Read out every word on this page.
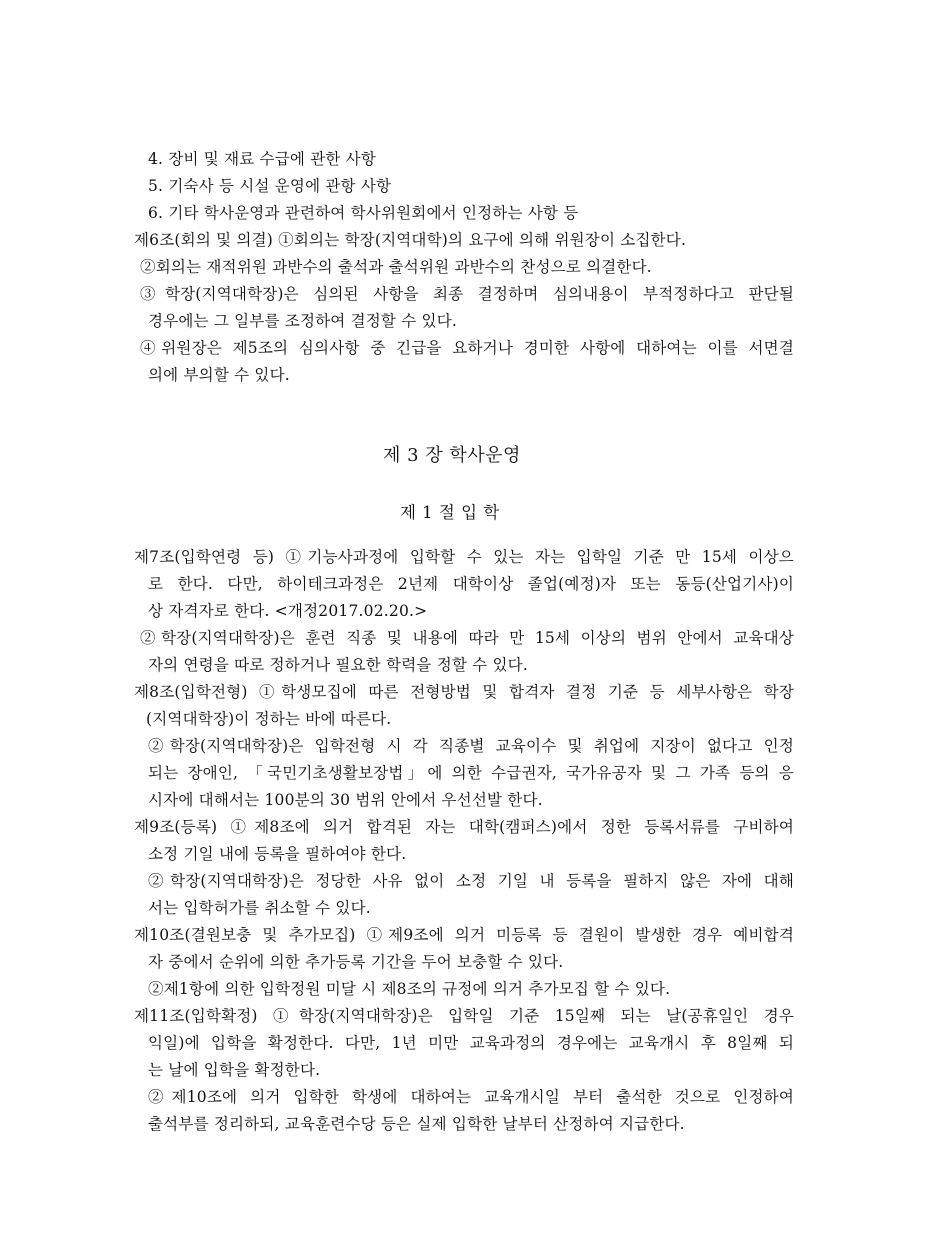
4. 장비 및 재료 수급에 관한 사항
5. 기숙사 등 시설 운영에 관항 사항
6. 기타 학사운영과 관련하여 학사위원회에서 인정하는 사항 등
제6조(회의 및 의결) ①회의는 학장(지역대학)의 요구에 의해 위원장이 소집한다.
②회의는 재적위원 과반수의 출석과 출석위원 과반수의 찬성으로 의결한다.
③학장(지역대학장)은 심의된 사항을 최종 결정하며 심의내용이 부적정하다고 판단될
경우에는 그 일부를 조정하여 결정할 수 있다.
④위원장은 제5조의 심의사항 중 긴급을 요하거나 경미한 사항에 대하여는 이를 서면결
의에 부의할 수 있다.
제 3 장 학사운영
제 1 절 입 학
제7조(입학연령 등) ①기능사과정에 입학할 수 있는 자는 입학일 기준 만 15세 이상으
로 한다. 다만, 하이테크과정은 2년제 대학이상 졸업(예정)자 또는 동등(산업기사)이
상 자격자로 한다. <개정2017.02.20.>
②학장(지역대학장)은 훈련 직종 및 내용에 따라 만 15세 이상의 범위 안에서 교육대상
자의 연령을 따로 정하거나 필요한 학력을 정할 수 있다.
제8조(입학전형) ①학생모집에 따른 전형방법 및 합격자 결정 기준 등 세부사항은 학장
(지역대학장)이 정하는 바에 따른다.
②학장(지역대학장)은 입학전형 시 각 직종별 교육이수 및 취업에 지장이 없다고 인정
되는 장애인, 「국민기초생활보장법」에 의한 수급권자, 국가유공자 및 그 가족 등의 응
시자에 대해서는 100분의 30 범위 안에서 우선선발 한다.
제9조(등록) ①제8조에 의거 합격된 자는 대학(캠퍼스)에서 정한 등록서류를 구비하여
소정 기일 내에 등록을 필하여야 한다.
②학장(지역대학장)은 정당한 사유 없이 소정 기일 내 등록을 필하지 않은 자에 대해
서는 입학허가를 취소할 수 있다.
제10조(결원보충 및 추가모집) ①제9조에 의거 미등록 등 결원이 발생한 경우 예비합격
자 중에서 순위에 의한 추가등록 기간을 두어 보충할 수 있다.
②제1항에 의한 입학정원 미달 시 제8조의 규정에 의거 추가모집 할 수 있다.
제11조(입학확정) ①학장(지역대학장)은 입학일 기준 15일째 되는 날(공휴일인 경우
익일)에 입학을 확정한다. 다만, 1년 미만 교육과정의 경우에는 교육개시 후 8일째 되
는 날에 입학을 확정한다.
②제10조에 의거 입학한 학생에 대하여는 교육개시일 부터 출석한 것으로 인정하여
출석부를 정리하되, 교육훈련수당 등은 실제 입학한 날부터 산정하여 지급한다.
